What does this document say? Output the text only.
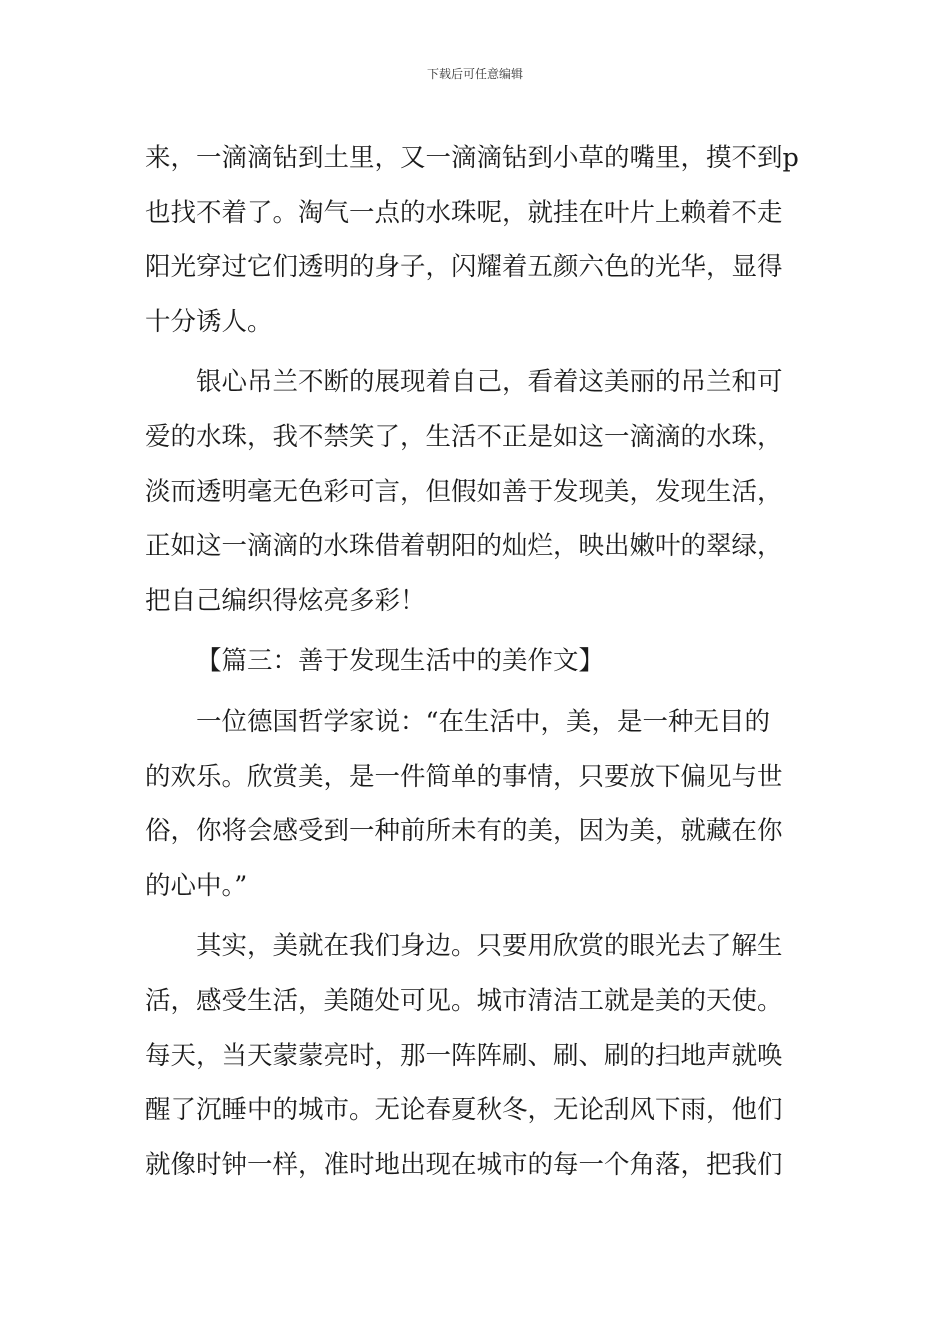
下载后可任意编辑
来，一滴滴钻到土里，又一滴滴钻到小草的嘴里，摸不到p
也找不着了。淘气一点的水珠呢，就挂在叶片上赖着不走
阳光穿过它们透明的身子，闪耀着五颜六色的光华，显得
十分诱人。
银心吊兰不断的展现着自己，看着这美丽的吊兰和可
爱的水珠，我不禁笑了，生活不正是如这一滴滴的水珠，
淡而透明毫无色彩可言，但假如善于发现美，发现生活，
正如这一滴滴的水珠借着朝阳的灿烂，映出嫩叶的翠绿，
把自己编织得炫亮多彩！
【篇三：善于发现生活中的美作文】
一位德国哲学家说：“在生活中，美，是一种无目的
的欢乐。欣赏美，是一件简单的事情，只要放下偏见与世
俗，你将会感受到一种前所未有的美，因为美，就藏在你
的心中。”
其实，美就在我们身边。只要用欣赏的眼光去了解生
活，感受生活，美随处可见。城市清洁工就是美的天使。
每天，当天蒙蒙亮时，那一阵阵刷、刷、刷的扫地声就唤
醒了沉睡中的城市。无论春夏秋冬，无论刮风下雨，他们
就像时钟一样，准时地出现在城市的每一个角落，把我们
